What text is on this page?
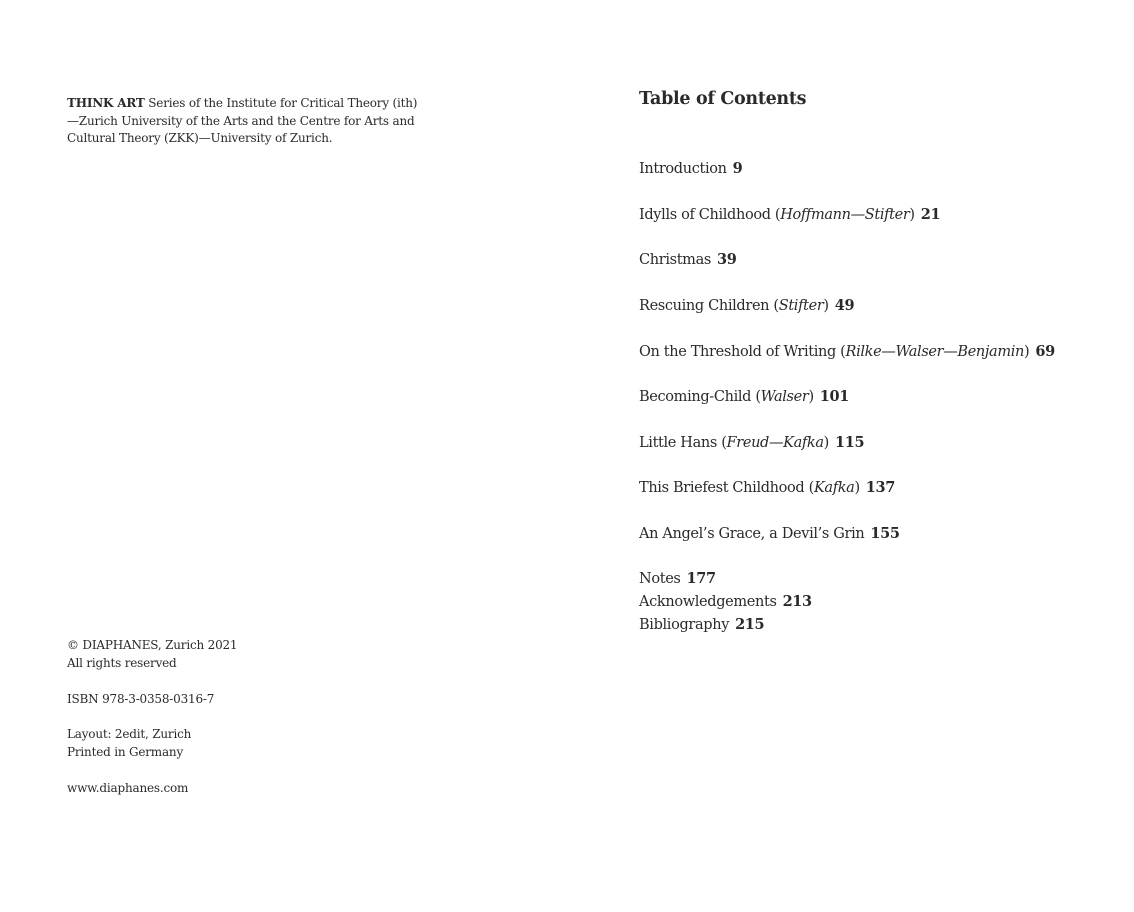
THINK ART Series of the Institute for Critical Theory (ith)—Zurich University of the Arts and the Centre for Arts and Cultural Theory (ZKK)—University of Zurich.
© DIAPHANES, Zurich 2021
All rights reserved
ISBN 978-3-0358-0316-7
Layout: 2edit, Zurich
Printed in Germany
www.diaphanes.com
Table of Contents
Introduction 9
Idylls of Childhood (Hoffmann—Stifter) 21
Christmas 39
Rescuing Children (Stifter) 49
On the Threshold of Writing (Rilke—Walser—Benjamin) 69
Becoming-Child (Walser) 101
Little Hans (Freud—Kafka) 115
This Briefest Childhood (Kafka) 137
An Angel’s Grace, a Devil’s Grin 155
Notes 177
Acknowledgements 213
Bibliography 215
